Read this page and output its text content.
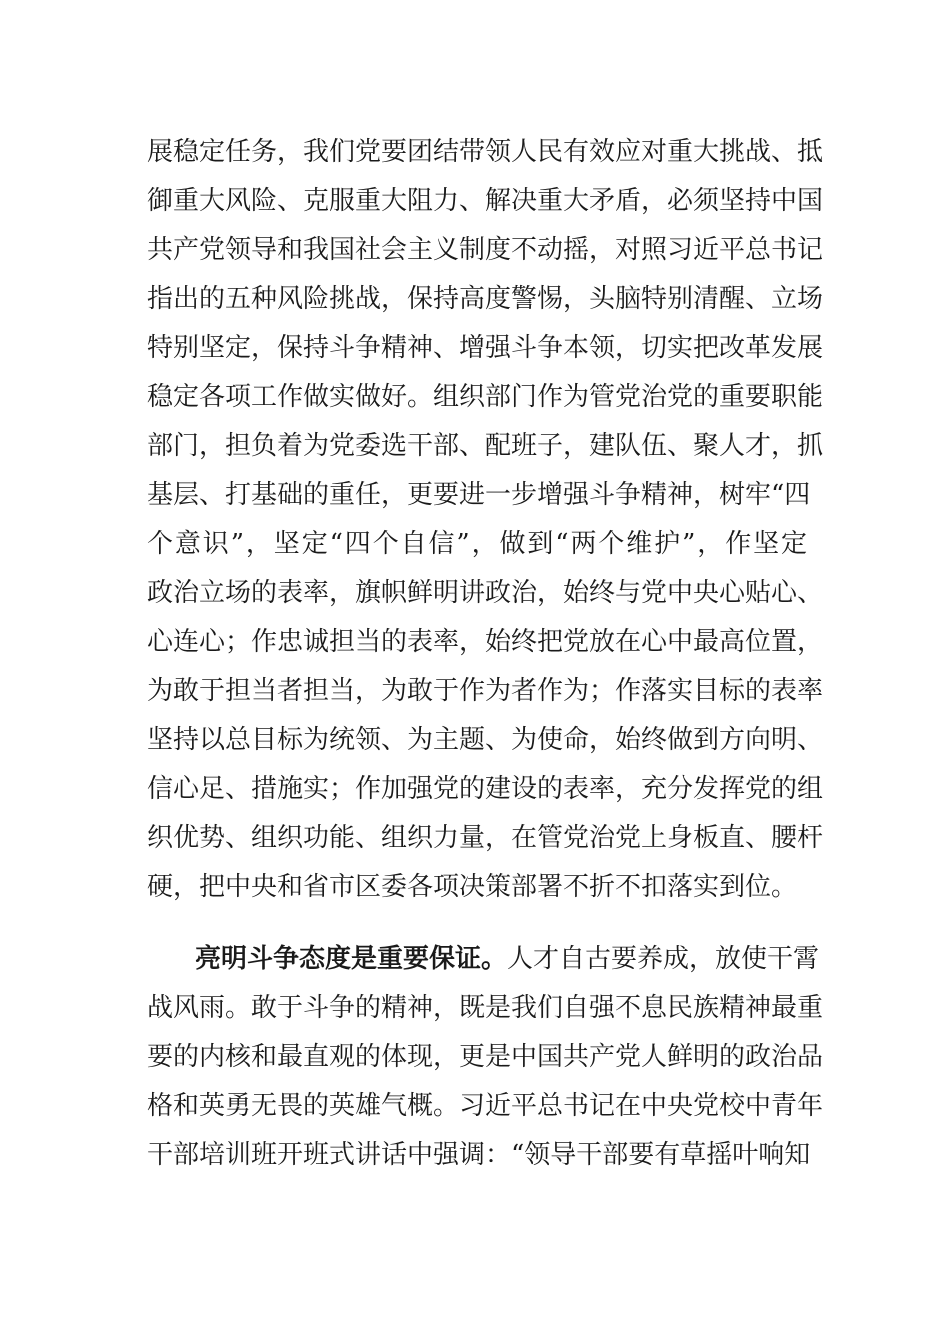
展稳定任务，我们党要团结带领人民有效应对重大挑战、抵
御重大风险、克服重大阻力、解决重大矛盾，必须坚持中国
共产党领导和我国社会主义制度不动摇，对照习近平总书记
指出的五种风险挑战，保持高度警惕，头脑特别清醒、立场
特别坚定，保持斗争精神、增强斗争本领，切实把改革发展
稳定各项工作做实做好。组织部门作为管党治党的重要职能
部门，担负着为党委选干部、配班子，建队伍、聚人才，抓
基层、打基础的重任，更要进一步增强斗争精神，树牢“四
个意识”，坚定“四个自信”，做到“两个维护”，作坚定
政治立场的表率，旗帜鲜明讲政治，始终与党中央心贴心、
心连心；作忠诚担当的表率，始终把党放在心中最高位置，
为敢于担当者担当，为敢于作为者作为；作落实目标的表率
坚持以总目标为统领、为主题、为使命，始终做到方向明、
信心足、措施实；作加强党的建设的表率，充分发挥党的组
织优势、组织功能、组织力量，在管党治党上身板直、腰杆
硬，把中央和省市区委各项决策部署不折不扣落实到位。
亮明斗争态度是重要保证。人才自古要养成，放使干霄
战风雨。敢于斗争的精神，既是我们自强不息民族精神最重
要的内核和最直观的体现，更是中国共产党人鲜明的政治品
格和英勇无畏的英雄气概。习近平总书记在中央党校中青年
干部培训班开班式讲话中强调：“领导干部要有草摇叶响知
